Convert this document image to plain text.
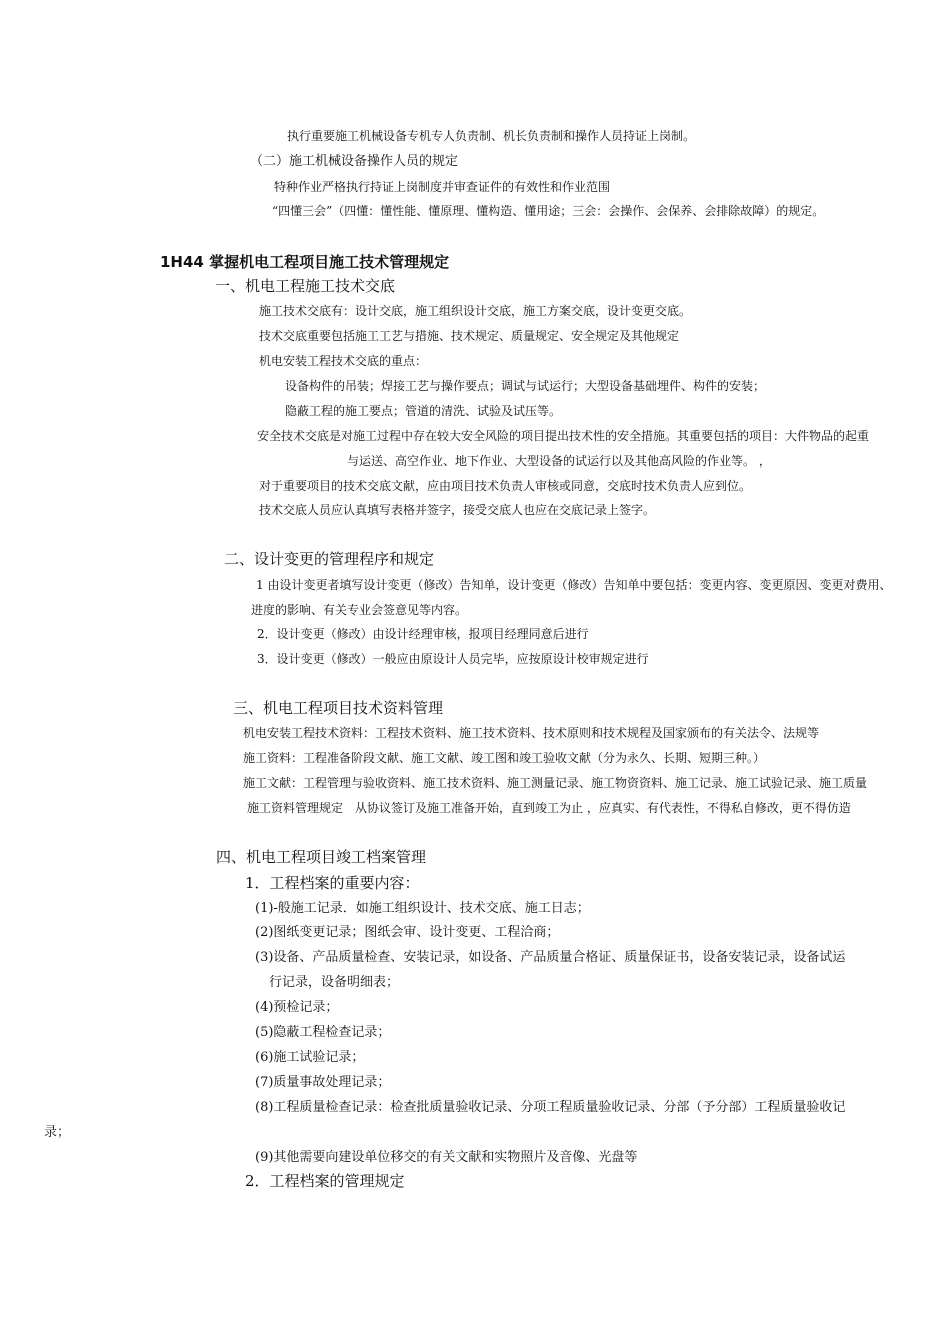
执行重要施工机械设备专机专人负责制、机长负责制和操作人员持证上岗制。
（二）施工机械设备操作人员的规定
特种作业严格执行持证上岗制度并审查证件的有效性和作业范围
“四懂三会”（四懂：懂性能、懂原理、懂构造、懂用途；三会：会操作、会保养、会排除故障）的规定。
1H44 掌握机电工程项目施工技术管理规定
一、机电工程施工技术交底
施工技术交底有：设计交底，施工组织设计交底，施工方案交底，设计变更交底。
技术交底重要包括施工工艺与措施、技术规定、质量规定、安全规定及其他规定
机电安装工程技术交底的重点：
设备构件的吊装；焊接工艺与操作要点；调试与试运行；大型设备基础埋件、构件的安装；
隐蔽工程的施工要点；管道的清洗、试验及试压等。
安全技术交底是对施工过程中存在较大安全风险的项目提出技术性的安全措施。其重要包括的项目：大件物品的起重
与运送、高空作业、地下作业、大型设备的试运行以及其他高风险的作业等。 ，
对于重要项目的技术交底文献，应由项目技术负责人审核或同意，交底时技术负责人应到位。
技术交底人员应认真填写表格并签字，接受交底人也应在交底记录上签字。
二、设计变更的管理程序和规定
1 由设计变更者填写设计变更（修改）告知单，设计变更（修改）告知单中要包括：变更内容、变更原因、变更对费用、
进度的影响、有关专业会签意见等内容。
2．设计变更（修改）由设计经理审核，报项目经理同意后进行
3．设计变更（修改）一般应由原设计人员完毕，应按原设计校审规定进行
三、机电工程项目技术资料管理
机电安装工程技术资料：工程技术资料、施工技术资料、技术原则和技术规程及国家颁布的有关法令、法规等
施工资料：工程准备阶段文献、施工文献、竣工图和竣工验收文献（分为永久、长期、短期三种。）
施工文献：工程管理与验收资料、施工技术资料、施工测量记录、施工物资资料、施工记录、施工试验记录、施工质量
施工资料管理规定　从协议签订及施工准备开始，直到竣工为止 ，应真实、有代表性，不得私自修改，更不得仿造
四、机电工程项目竣工档案管理
1．工程档案的重要内容：
(1)-般施工记录．如施工组织设计、技术交底、施工日志；
(2)图纸变更记录；图纸会审、设计变更、工程洽商；
(3)设备、产品质量检查、安装记录，如设备、产品质量合格证、质量保证书，设备安装记录，设备试运
行记录，设备明细表；
(4)预检记录；
(5)隐蔽工程检查记录；
(6)施工试验记录；
(7)质量事故处理记录；
(8)工程质量检查记录：检查批质量验收记录、分项工程质量验收记录、分部（予分部）工程质量验收记
录；
(9)其他需要向建设单位移交的有关文献和实物照片及音像、光盘等
2．工程档案的管理规定
